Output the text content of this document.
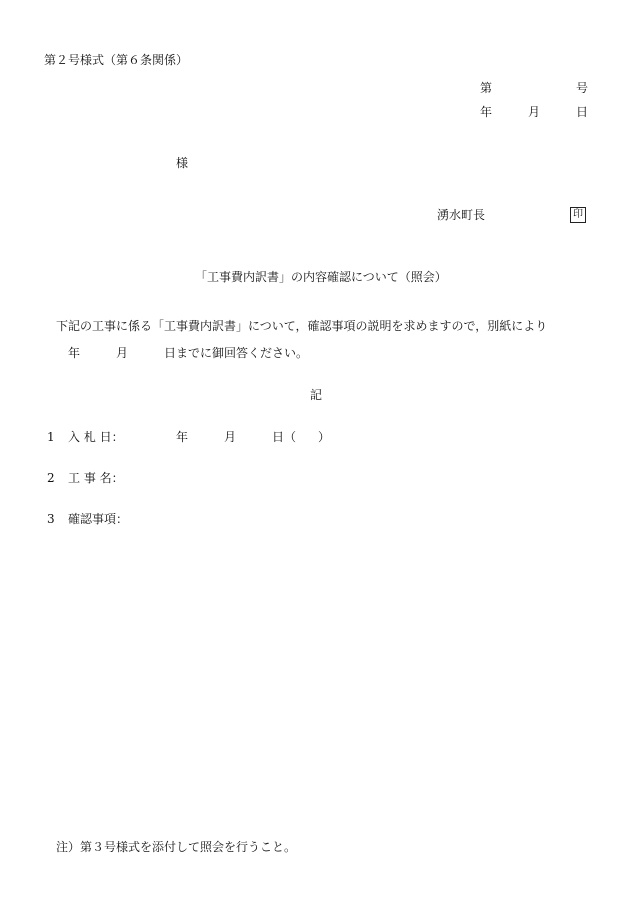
第２号様式（第６条関係）
第	号
年	月	日
様
湧水町長	印
「工事費内訳書」の内容確認について（照会）
下記の工事に係る「工事費内訳書」について，確認事項の説明を求めますので，別紙により
年	月	日までに御回答ください。
記
1 入 札 日：	年	月	日（ ）
2 工 事 名：
3 確認事項：
注）第３号様式を添付して照会を行うこと。
